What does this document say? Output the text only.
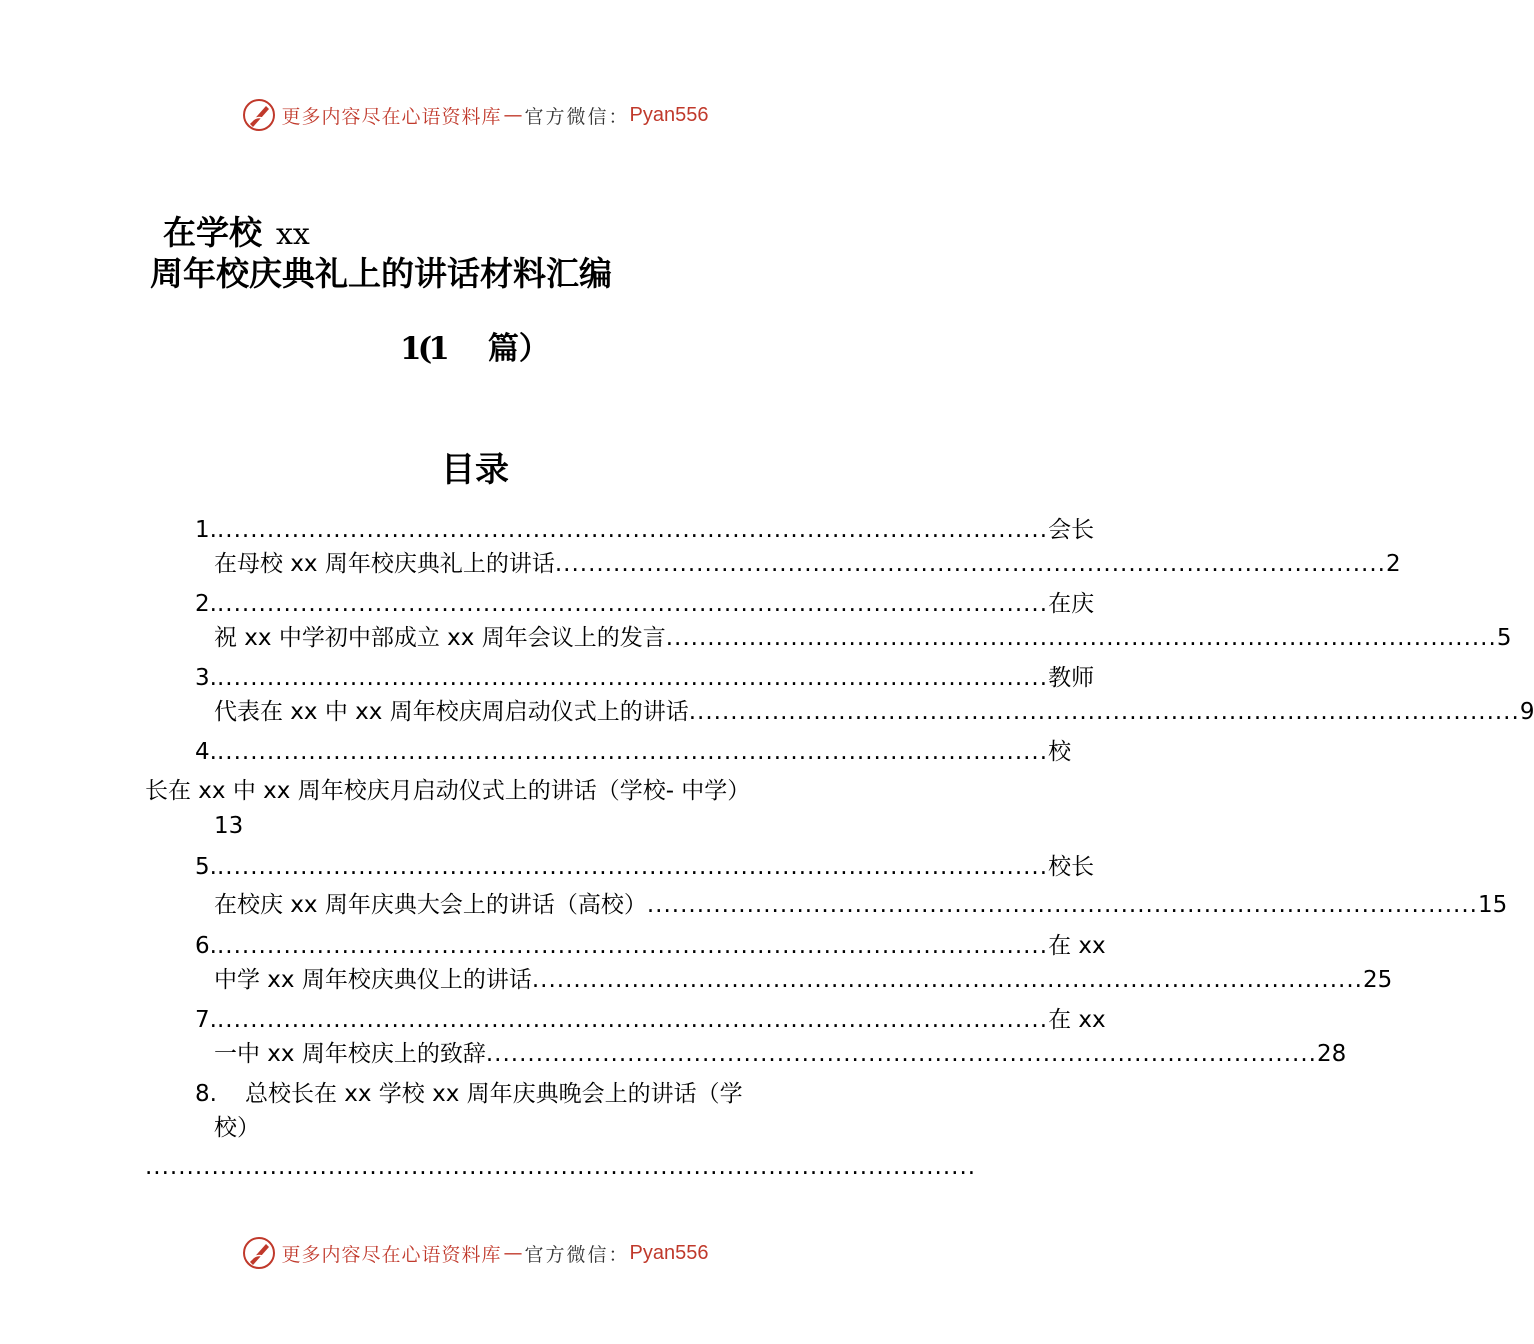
更多内容尽在心语资料库 — 官方微信： Pyan556
在学校 xx
周年校庆典礼上的讲话材料汇编
1(1 篇）
目录
1. .................................................................................................... 会长
在母校 xx 周年校庆典礼上的讲话 .................................................................................................... 2
2. .................................................................................................... 在庆
祝 xx 中学初中部成立 xx 周年会议上的发言 .................................................................................................... 5
3. .................................................................................................... 教师
代表在 xx 中 xx 周年校庆周启动仪式上的讲话 .................................................................................................... 9
4. .................................................................................................... 校
长在 xx 中 xx 周年校庆月启动仪式上的讲话（学校- 中学）
13
5. .................................................................................................... 校长
在校庆 xx 周年庆典大会上的讲话（高校） .................................................................................................... 15
6. .................................................................................................... 在 xx
中学 xx 周年校庆典仪上的讲话 .................................................................................................... 25
7. .................................................................................................... 在 xx
一中 xx 周年校庆上的致辞 .................................................................................................... 28
8. 总校长在 xx 学校 xx 周年庆典晚会上的讲话（学
校）
....................................................................................................
更多内容尽在心语资料库 — 官方微信： Pyan556
